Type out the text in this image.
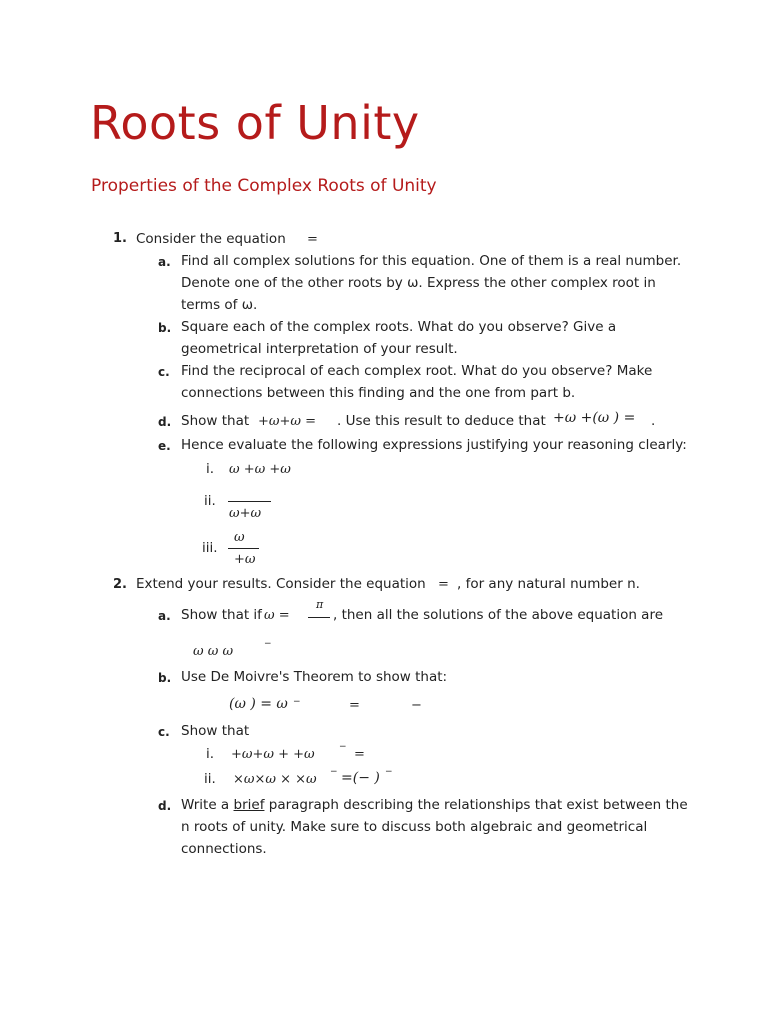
Roots of Unity
Properties of the Complex Roots of Unity
1. Consider the equation =
a. Find all complex solutions for this equation. One of them is a real number.
Denote one of the other roots by ω. Express the other complex root in
terms of ω.
b. Square each of the complex roots. What do you observe? Give a
geometrical interpretation of your result.
c. Find the reciprocal of each complex root. What do you observe? Make
connections between this finding and the one from part b.
d. Show that +ω+ω = . Use this result to deduce that +ω +(ω ) = .
e. Hence evaluate the following expressions justifying your reasoning clearly:
i. ω +ω +ω
ii.
ω+ω
iii.
ω
+ω
2. Extend your results. Consider the equation = , for any natural number n.
a. Show that if ω =
π
, then all the solutions of the above equation are
ω ω ω	−
b. Use De Moivre's Theorem to show that:
(ω ) = ω −	=	−
c. Show that
i. +ω+ω + +ω	− =
ii. ×ω×ω × ×ω − =(− ) −
d. Write a brief paragraph describing the relationships that exist between the
n roots of unity. Make sure to discuss both algebraic and geometrical
connections.
